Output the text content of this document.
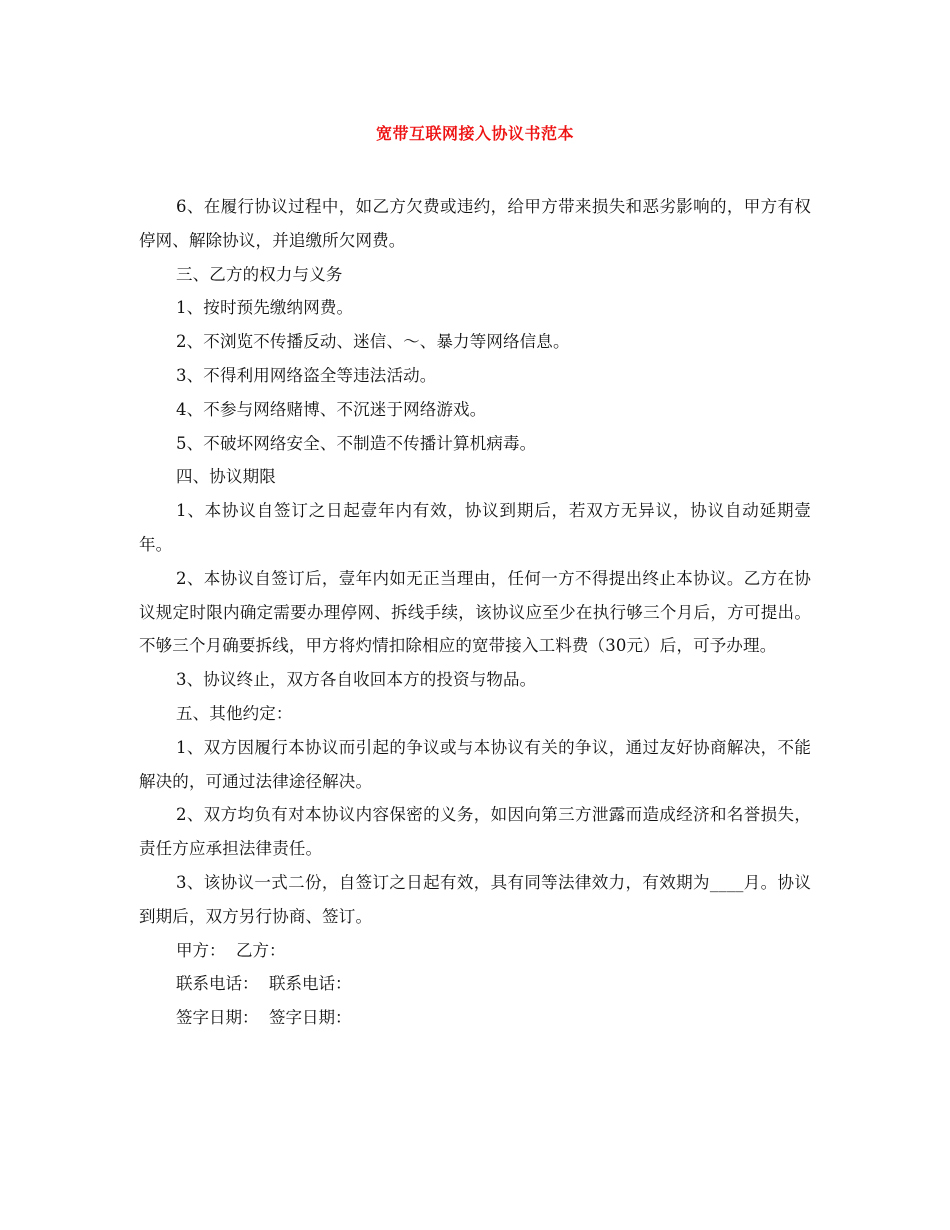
宽带互联网接入协议书范本

6、在履行协议过程中，如乙方欠费或违约，给甲方带来损失和恶劣影响的，甲方有权停网、解除协议，并追缴所欠网费。

三、乙方的权力与义务

1、按时预先缴纳网费。

2、不浏览不传播反动、迷信、～、暴力等网络信息。

3、不得利用网络盗全等违法活动。

4、不参与网络赌博、不沉迷于网络游戏。

5、不破坏网络安全、不制造不传播计算机病毒。

四、协议期限

1、本协议自签订之日起壹年内有效，协议到期后，若双方无异议，协议自动延期壹年。

2、本协议自签订后，壹年内如无正当理由，任何一方不得提出终止本协议。乙方在协议规定时限内确定需要办理停网、拆线手续，该协议应至少在执行够三个月后，方可提出。不够三个月确要拆线，甲方将灼情扣除相应的宽带接入工料费（30元）后，可予办理。

3、协议终止，双方各自收回本方的投资与物品。

五、其他约定：

1、双方因履行本协议而引起的争议或与本协议有关的争议，通过友好协商解决，不能解决的，可通过法律途径解决。

2、双方均负有对本协议内容保密的义务，如因向第三方泄露而造成经济和名誉损失，责任方应承担法律责任。

3、该协议一式二份，自签订之日起有效，具有同等法律效力，有效期为____月。协议到期后，双方另行协商、签订。

甲方： 乙方：

联系电话： 联系电话：

签字日期： 签字日期：
